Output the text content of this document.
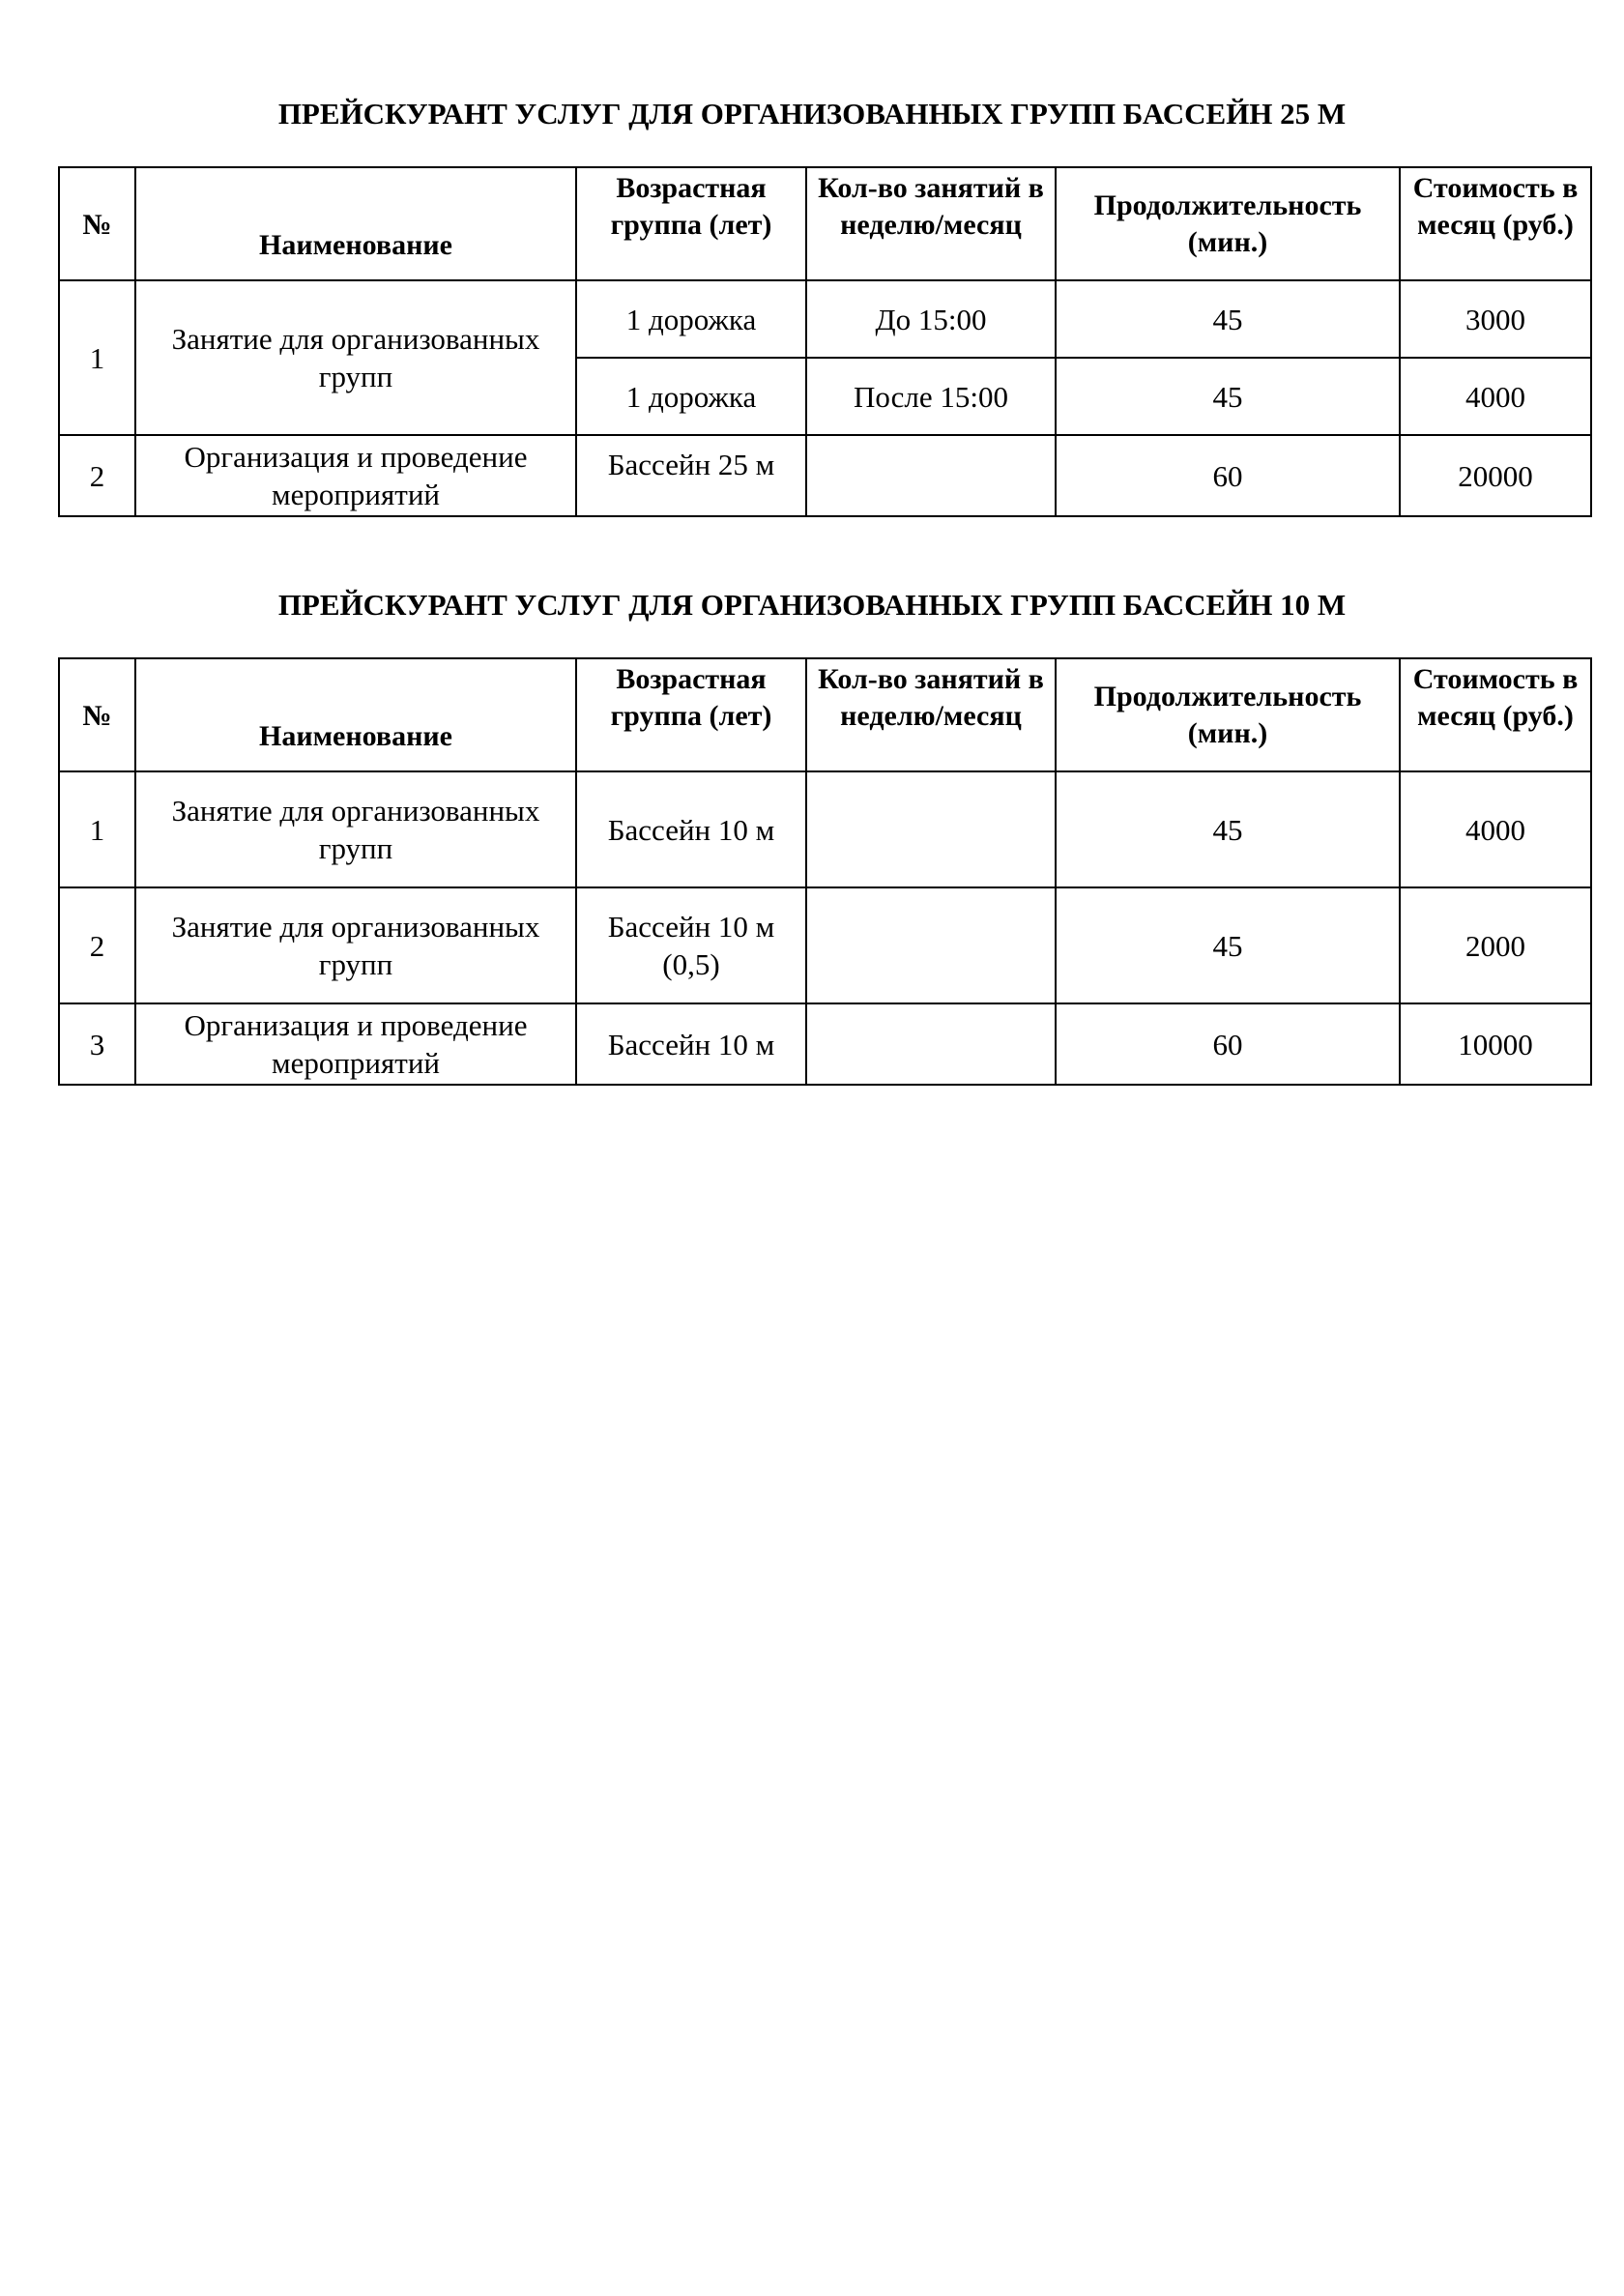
ПРЕЙСКУРАНТ УСЛУГ ДЛЯ ОРГАНИЗОВАННЫХ ГРУПП БАССЕЙН 25 М
№	Наименование	Возрастная группа (лет)	Кол-во занятий в неделю/месяц	Продолжительность (мин.)	Стоимость в месяц (руб.)
1	Занятие для организованных групп	1 дорожка	До 15:00	45	3000
		1 дорожка	После 15:00	45	4000
2	Организация и проведение мероприятий	Бассейн 25 м		60	20000
ПРЕЙСКУРАНТ УСЛУГ ДЛЯ ОРГАНИЗОВАННЫХ ГРУПП БАССЕЙН 10 М
№	Наименование	Возрастная группа (лет)	Кол-во занятий в неделю/месяц	Продолжительность (мин.)	Стоимость в месяц (руб.)
1	Занятие для организованных групп	Бассейн 10 м		45	4000
2	Занятие для организованных групп	Бассейн 10 м (0,5)		45	2000
3	Организация и проведение мероприятий	Бассейн 10 м		60	10000
